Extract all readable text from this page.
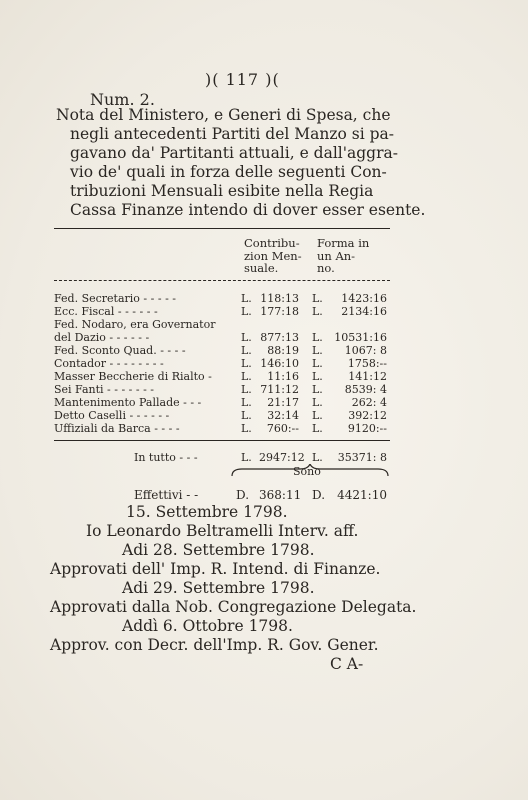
)( 117 )(
Num. 2.
Nota del Ministero, e Generi di Spesa, che
negli antecedenti Partiti del Manzo si pa-
gavano da' Partitanti attuali, e dall'aggra-
vio de' quali in forza delle seguenti Con-
tribuzioni Mensuali esibite nella Regia
Cassa Finanze intendo di dover esser esente.
Contribu-
zion Men-
suale.
Forma in
un An-
no.
Fed. Secretario - - - - -	L. 118:13 L.	1423:16
Ecc. Fiscal - - - - - -	L. 177:18 L.	2134:16
Fed. Nodaro, era Governator
del Dazio - - - - - -	L. 877:13 L.	10531:16
Fed. Sconto Quad. - - - -	L.	88:19 L.	1067: 8
Contador - - - - - - - -	L. 146:10 L.	1758:--
Masser Beccherie di Rialto -	L.	11:16 L.	141:12
Sei Fanti - - - - - - -	L. 711:12 L.	8539: 4
Mantenimento Pallade - - -	L.	21:17 L.	262: 4
Detto Caselli - - - - - -	L.	32:14 L.	392:12
Uffiziali da Barca - - - -	L.	760:-- L.	9120:--
In tutto - - -	L. 2947:12 L.	35371: 8
Sono
Effettivi - -	D. 368:11 D.	4421:10
15. Settembre 1798.
Io Leonardo Beltramelli Interv. aff.
Adi 28. Settembre 1798.
Approvati dell' Imp. R. Intend. di Finanze.
Adi 29. Settembre 1798.
Approvati dalla Nob. Congregazione Delegata.
Addì 6. Ottobre 1798.
Approv. con Decr. dell'Imp. R. Gov. Gener.
C A-
